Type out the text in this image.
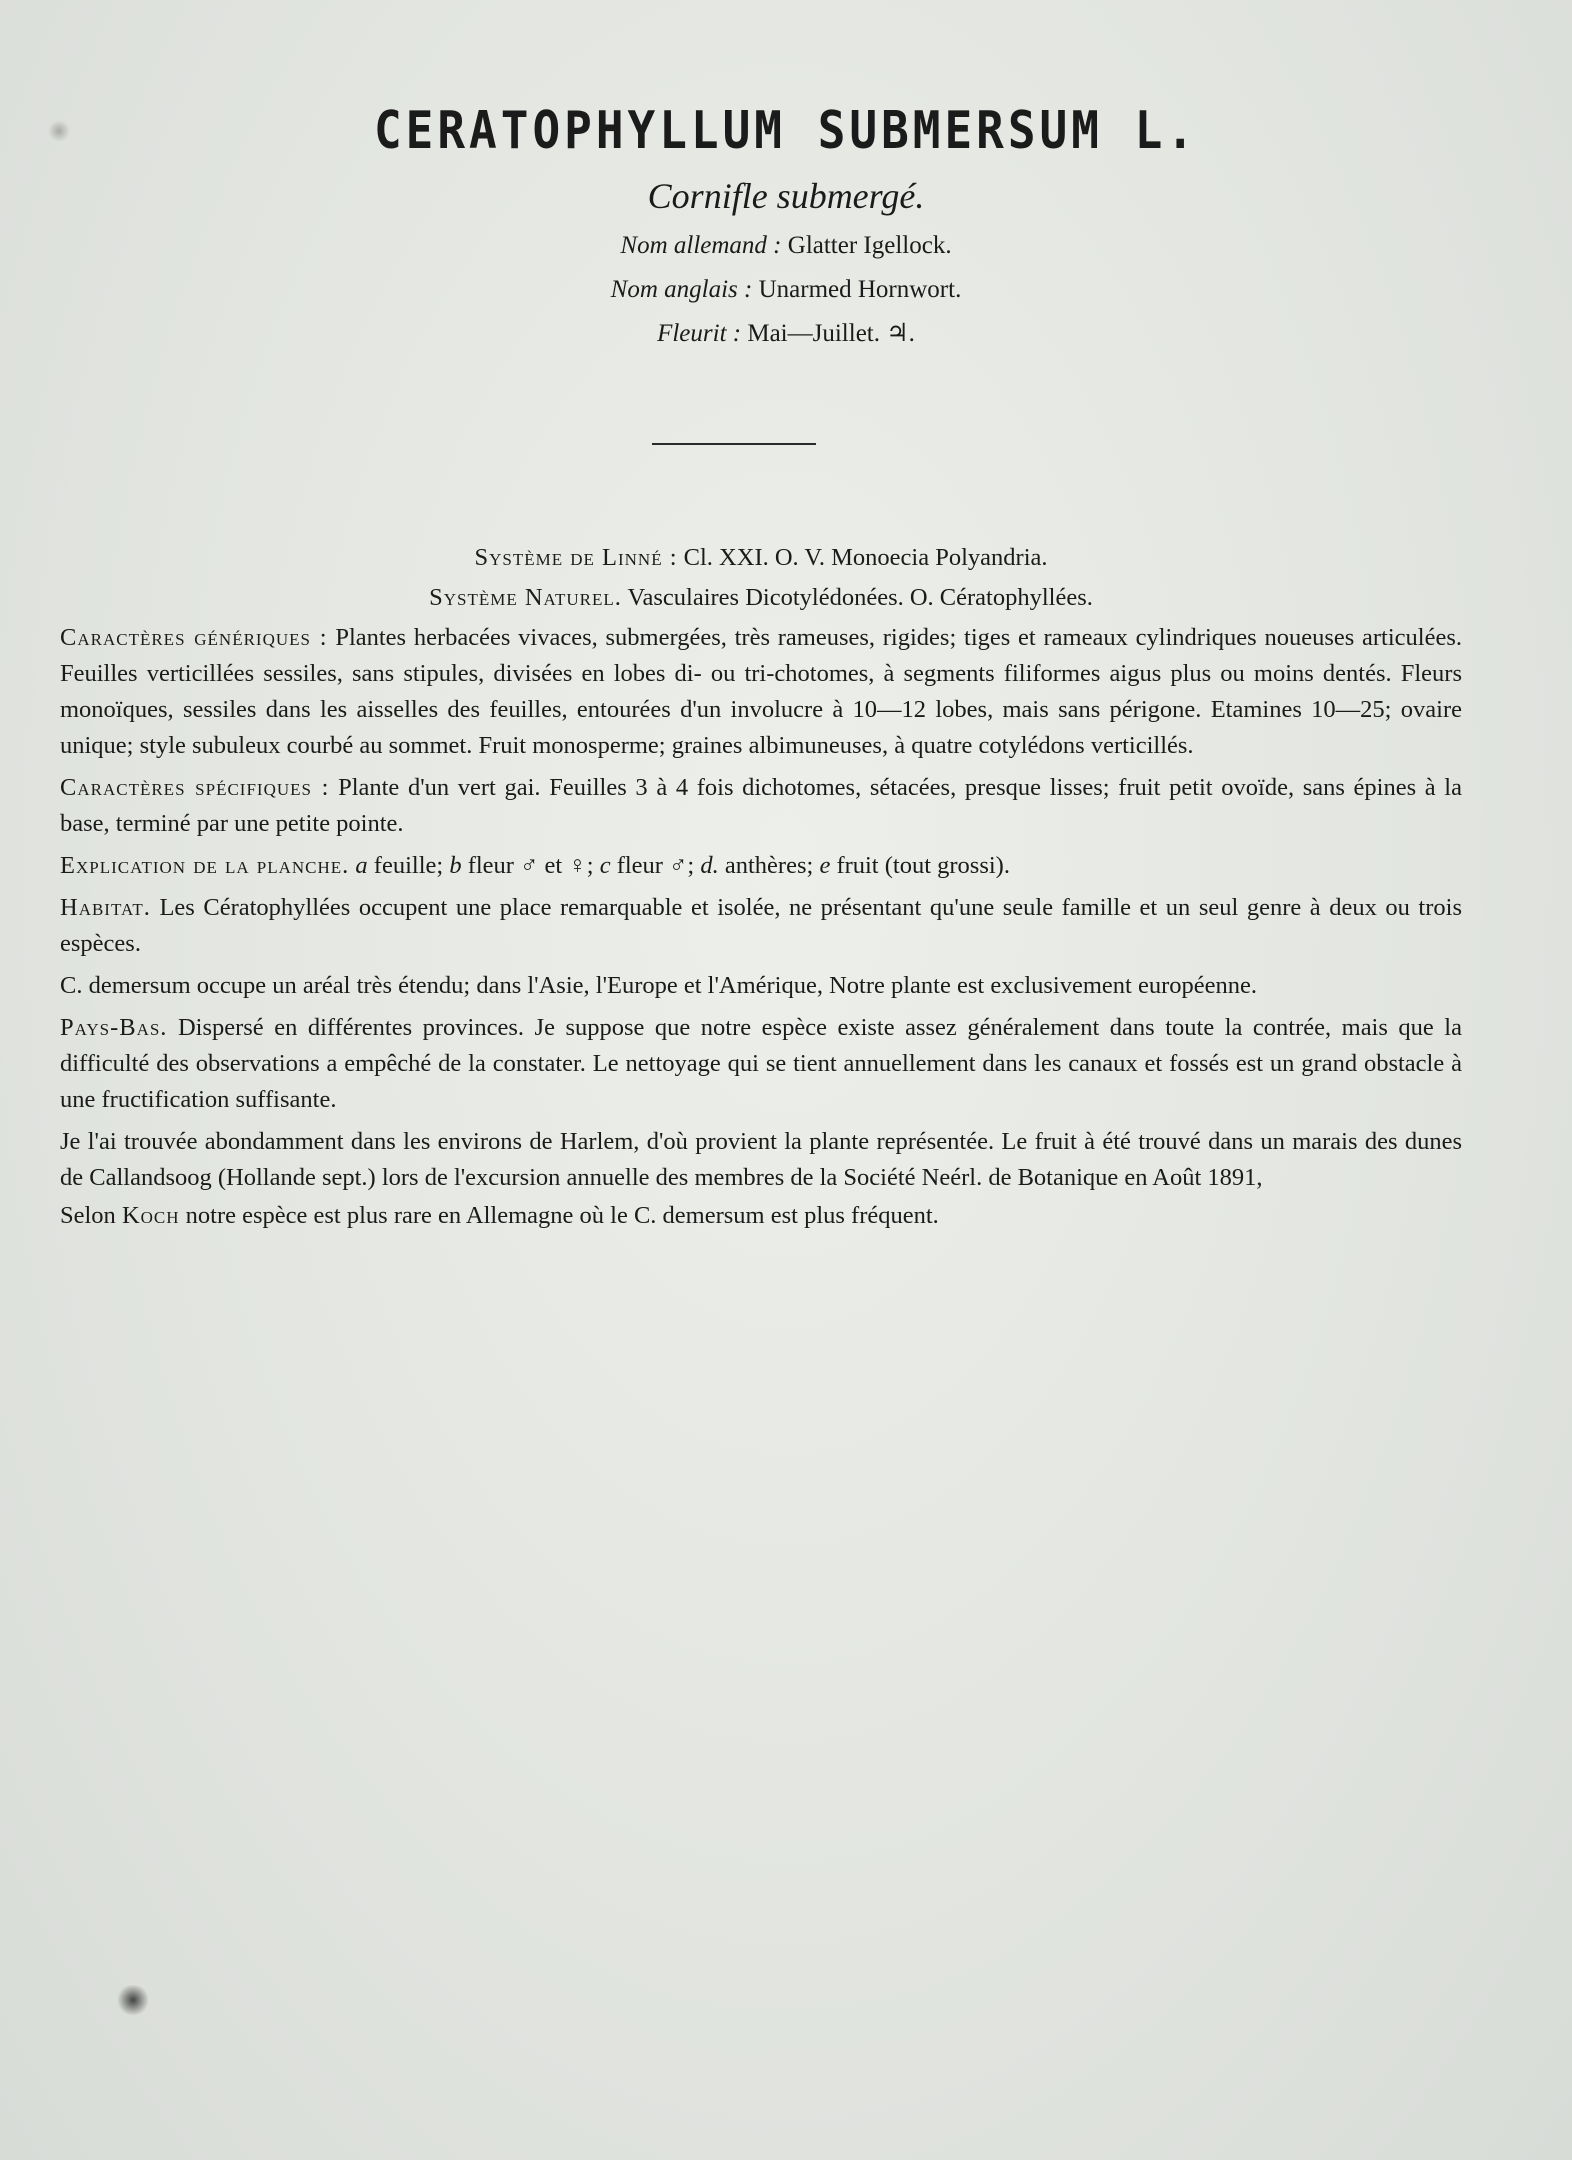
CERATOPHYLLUM SUBMERSUM L.
Cornifle submergé.
Nom allemand : Glatter Igellock.
Nom anglais : Unarmed Hornwort.
Fleurit : Mai—Juillet. ♃.

Système de Linné : Cl. XXI. O. V. Monoecia Polyandria.

Système Naturel. Vasculaires Dicotylédonées. O. Cératophyllées.

Caractères génériques : Plantes herbacées vivaces, submergées, très rameuses, rigides; tiges et rameaux cylindriques noueuses articulées. Feuilles verticillées sessiles, sans stipules, divisées en lobes di- ou tri-chotomes, à segments filiformes aigus plus ou moins dentés. Fleurs monoïques, sessiles dans les aisselles des feuilles, entourées d'un involucre à 10—12 lobes, mais sans périgone. Etamines 10—25; ovaire unique; style subuleux courbé au sommet. Fruit monosperme; graines albimuneuses, à quatre cotylédons verticillés.

Caractères spécifiques : Plante d'un vert gai. Feuilles 3 à 4 fois dichotomes, sétacées, presque lisses; fruit petit ovoïde, sans épines à la base, terminé par une petite pointe.

Explication de la planche. a feuille; b fleur ♂ et ♀; c fleur ♂; d. anthères; e fruit (tout grossi).

Habitat. Les Cératophyllées occupent une place remarquable et isolée, ne présentant qu'une seule famille et un seul genre à deux ou trois espèces.

C. demersum occupe un aréal très étendu; dans l'Asie, l'Europe et l'Amérique, Notre plante est exclusivement européenne.

Pays-Bas. Dispersé en différentes provinces. Je suppose que notre espèce existe assez généralement dans toute la contrée, mais que la difficulté des observations a empêché de la constater. Le nettoyage qui se tient annuellement dans les canaux et fossés est un grand obstacle à une fructification suffisante.

Je l'ai trouvée abondamment dans les environs de Harlem, d'où provient la plante représentée. Le fruit à été trouvé dans un marais des dunes de Callandsoog (Hollande sept.) lors de l'excursion annuelle des membres de la Société Neérl. de Botanique en Août 1891,

Selon Koch notre espèce est plus rare en Allemagne où le C. demersum est plus fréquent.
